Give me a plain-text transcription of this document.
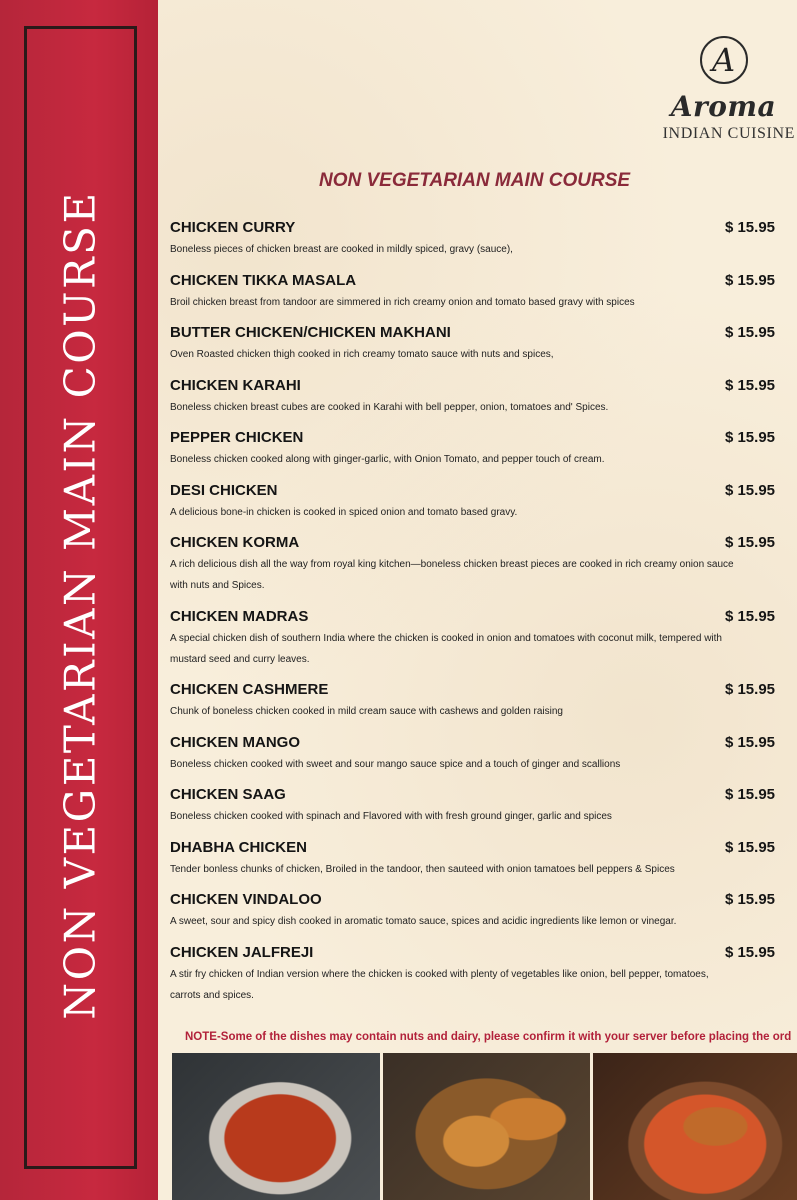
NON VEGETARIAN MAIN COURSE
A
Aroma
INDIAN CUISINE
NON VEGETARIAN MAIN COURSE
CHICKEN CURRY	$ 15.95
Boneless pieces of chicken breast are cooked in mildly spiced, gravy (sauce),
CHICKEN TIKKA MASALA	$ 15.95
Broil chicken breast from tandoor are simmered in rich creamy onion and tomato based gravy with spices
BUTTER CHICKEN/CHICKEN MAKHANI	$ 15.95
Oven Roasted chicken thigh cooked in rich creamy tomato sauce with nuts and spices,
CHICKEN KARAHI	$ 15.95
Boneless chicken breast cubes are cooked in Karahi with bell pepper, onion, tomatoes and' Spices.
PEPPER CHICKEN	$ 15.95
Boneless chicken cooked along with ginger-garlic, with Onion Tomato, and pepper touch of cream.
DESI CHICKEN	$ 15.95
A delicious bone-in chicken is cooked in spiced onion and tomato based gravy.
CHICKEN KORMA	$ 15.95
A rich delicious dish all the way from royal king kitchen—boneless chicken breast pieces are cooked in rich creamy onion sauce with nuts and Spices.
CHICKEN MADRAS	$ 15.95
A special chicken dish of southern India where the chicken is cooked in onion and tomatoes with coconut milk, tempered with mustard seed and curry leaves.
CHICKEN CASHMERE	$ 15.95
Chunk of boneless chicken cooked in mild cream sauce with cashews and golden raising
CHICKEN MANGO	$ 15.95
Boneless chicken cooked with sweet and sour mango sauce spice and a touch of ginger and scallions
CHICKEN SAAG	$ 15.95
Boneless chicken cooked with spinach and Flavored with with fresh ground ginger, garlic and spices
DHABHA CHICKEN	$ 15.95
Tender bonless chunks of chicken, Broiled in the tandoor, then sauteed with onion tamatoes bell peppers & Spices
CHICKEN VINDALOO	$ 15.95
A sweet, sour and spicy dish cooked in aromatic tomato sauce, spices and acidic ingredients like lemon or vinegar.
CHICKEN JALFREJI	$ 15.95
A stir fry chicken of Indian version where the chicken is cooked with plenty of vegetables like onion, bell pepper, tomatoes, carrots and spices.
NOTE-Some of the dishes may contain nuts and dairy, please confirm it with your server before placing the ord
